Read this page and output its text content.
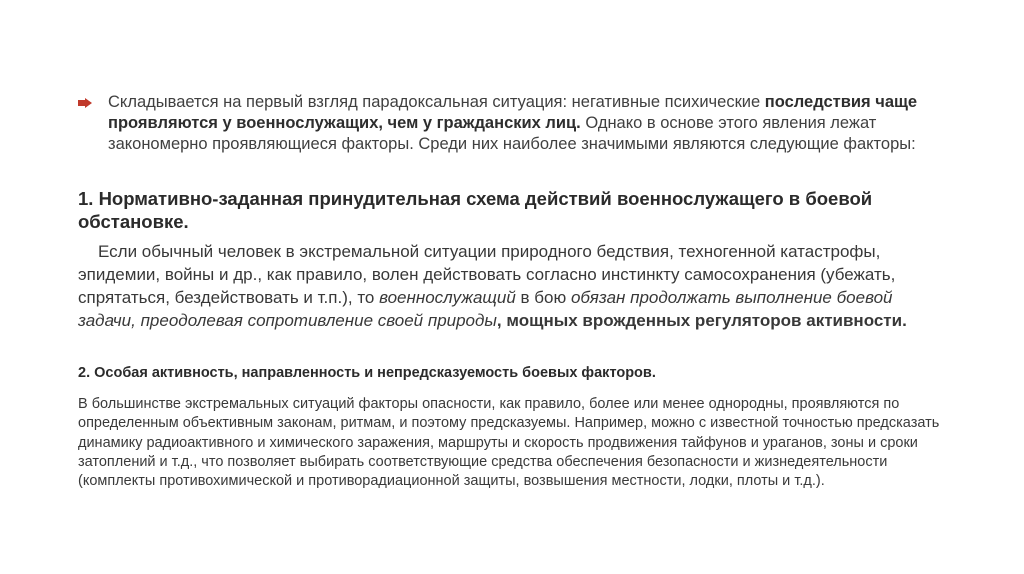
Складывается на первый взгляд парадоксальная ситуация: негативные психические последствия чаще проявляются у военнослужащих, чем у гражданских лиц. Однако в основе этого явления лежат закономерно проявляющиеся факторы. Среди них наиболее значимыми являются следующие факторы:
1. Нормативно-заданная принудительная схема действий военнослужащего в боевой обстановке.
Если обычный человек в экстремальной ситуации природного бедствия, техногенной катастрофы, эпидемии, войны и др., как правило, волен действовать согласно инстинкту самосохранения (убежать, спрятаться, бездействовать и т.п.), то военнослужащий в бою обязан продолжать выполнение боевой задачи, преодолевая сопротивление своей природы, мощных врожденных регуляторов активности.
2. Особая активность, направленность и непредсказуемость боевых факторов.
В большинстве экстремальных ситуаций факторы опасности, как правило, более или менее однородны, проявляются по определенным объективным законам, ритмам, и поэтому предсказуемы. Например, можно с известной точностью предсказать динамику радиоактивного и химического заражения, маршруты и скорость продвижения тайфунов и ураганов, зоны и сроки затоплений и т.д., что позволяет выбирать соответствующие средства обеспечения безопасности и жизнедеятельности (комплекты противохимической и противорадиационной защиты, возвышения местности, лодки, плоты и т.д.).
